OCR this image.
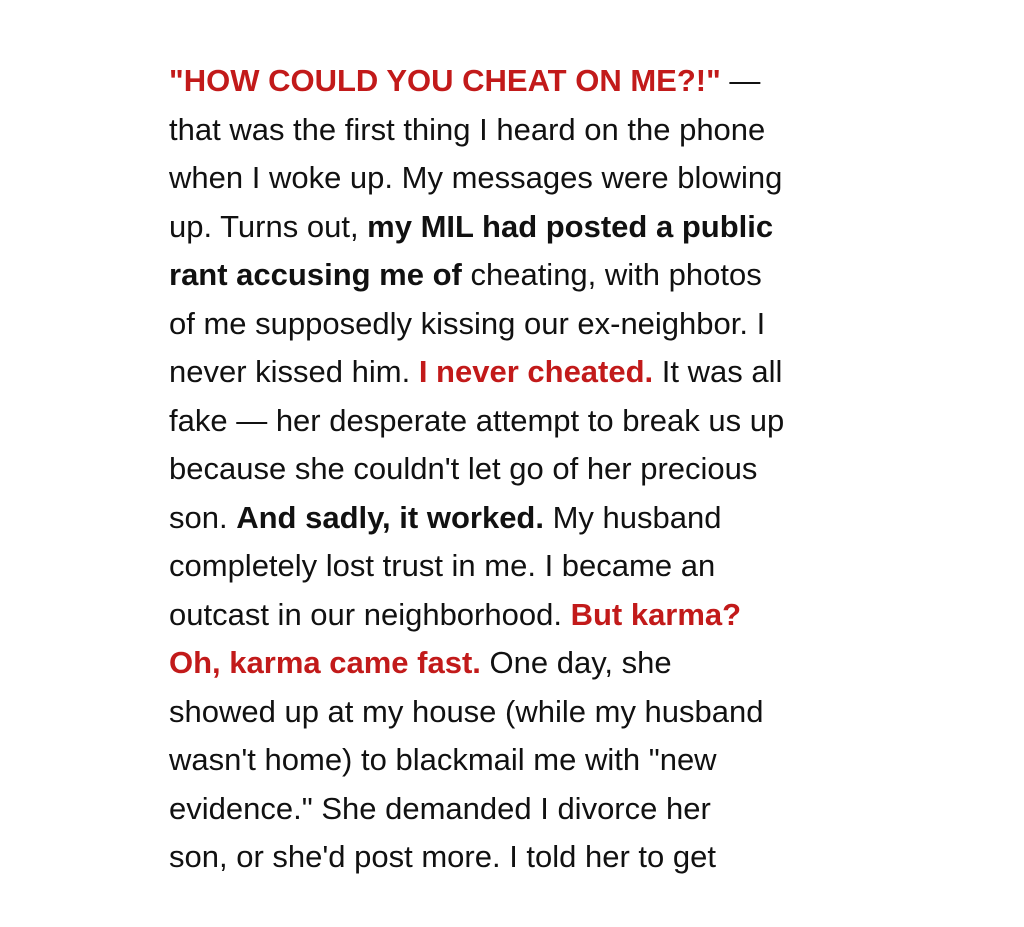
"HOW COULD YOU CHEAT ON ME?!" —
that was the first thing I heard on the phone
when I woke up. My messages were blowing
up. Turns out, my MIL had posted a public
rant accusing me of cheating, with photos
of me supposedly kissing our ex-neighbor. I
never kissed him. I never cheated. It was all
fake — her desperate attempt to break us up
because she couldn't let go of her precious
son. And sadly, it worked. My husband
completely lost trust in me. I became an
outcast in our neighborhood. But karma?
Oh, karma came fast. One day, she
showed up at my house (while my husband
wasn't home) to blackmail me with "new
evidence." She demanded I divorce her
son, or she'd post more. I told her to get
